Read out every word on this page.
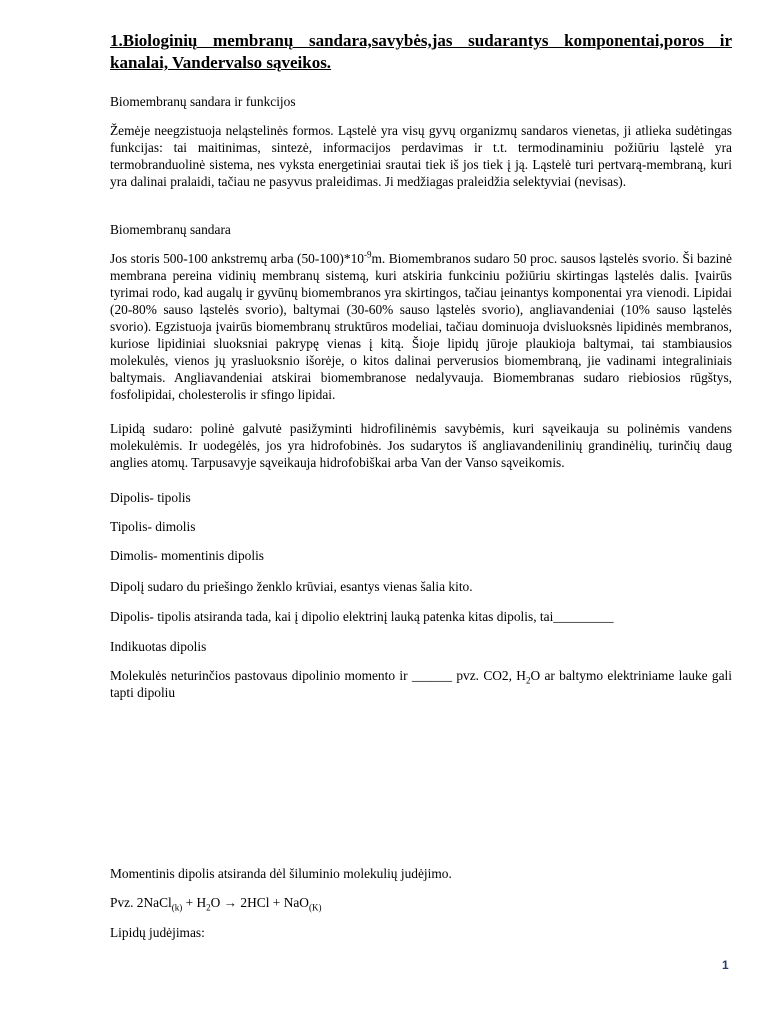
1.Biologinių membranų sandara,savybės,jas sudarantys komponentai,poros ir kanalai, Vandervalso sąveikos.

Biomembranų sandara ir funkcijos

Žemėje neegzistuoja neląstelinės formos. Ląstelė yra visų gyvų organizmų sandaros vienetas, ji atlieka sudėtingas funkcijas: tai maitinimas, sintezė, informacijos perdavimas ir t.t. termodinaminiu požiūriu ląstelė yra termobranduolinė sistema, nes vyksta energetiniai srautai tiek iš jos tiek į ją. Ląstelė turi pertvarą-membraną, kuri yra dalinai pralaidi, tačiau ne pasyvus praleidimas. Ji medžiagas praleidžia selektyviai (nevisas).

Biomembranų sandara

Jos storis 500-100 ankstremų arba $(50-100)*10^{-9}m$. Biomembranos sudaro 50 proc. sausos ląstelės svorio. Ši bazinė membrana pereina vidinių membranų sistemą, kuri atskiria funkciniu požiūriu skirtingas ląstelės dalis. Įvairūs tyrimai rodo, kad augalų ir gyvūnų biomembranos yra skirtingos, tačiau įeinantys komponentai yra vienodi. Lipidai (20-80% sauso ląstelės svorio), baltymai (30-60% sauso ląstelės svorio), angliavandeniai (10% sauso ląstelės svorio). Egzistuoja įvairūs biomembranų struktūros modeliai, tačiau dominuoja dvisluoksnės lipidinės membranos, kuriose lipidiniai sluoksniai pakrypę vienas į kitą. Šioje lipidų jūroje plaukioja baltymai, tai stambiausios molekulės, vienos jų yrasluoksnio išorėje, o kitos dalinai perverusios biomembraną, jie vadinami integraliniais baltymais. Angliavandeniai atskirai biomembranose nedalyvauja. Biomembranas sudaro riebiosios rūgštys, fosfolipidai, cholesterolis ir sfingo lipidai.

Lipidą sudaro: polinė galvutė pasižyminti hidrofilinėmis savybėmis, kuri sąveikauja su polinėmis vandens molekulėmis. Ir uodegėlės, jos yra hidrofobinės. Jos sudarytos iš angliavandenilinių grandinėlių, turinčių daug anglies atomų. Tarpusavyje sąveikauja hidrofobiškai arba Van der Vanso sąveikomis.

Dipolis- tipolis

Tipolis- dimolis

Dimolis- momentinis dipolis

Dipolį sudaro du priešingo ženklo krūviai, esantys vienas šalia kito.

Dipolis- tipolis atsiranda tada, kai į dipolio elektrinį lauką patenka kitas dipolis, tai_________

Indikuotas dipolis

Molekulės neturinčios pastovaus dipolinio momento ir ______ pvz. CO2, $H_2O$ ar baltymo elektriniame lauke gali tapti dipoliu

Momentinis dipolis atsiranda dėl šiluminio molekulių judėjimo.

Pvz. 2NaCl$_{(k)}$ + $H_2O \to 2HCl + NaO_{(K)}$

Lipidų judėjimas:

1
